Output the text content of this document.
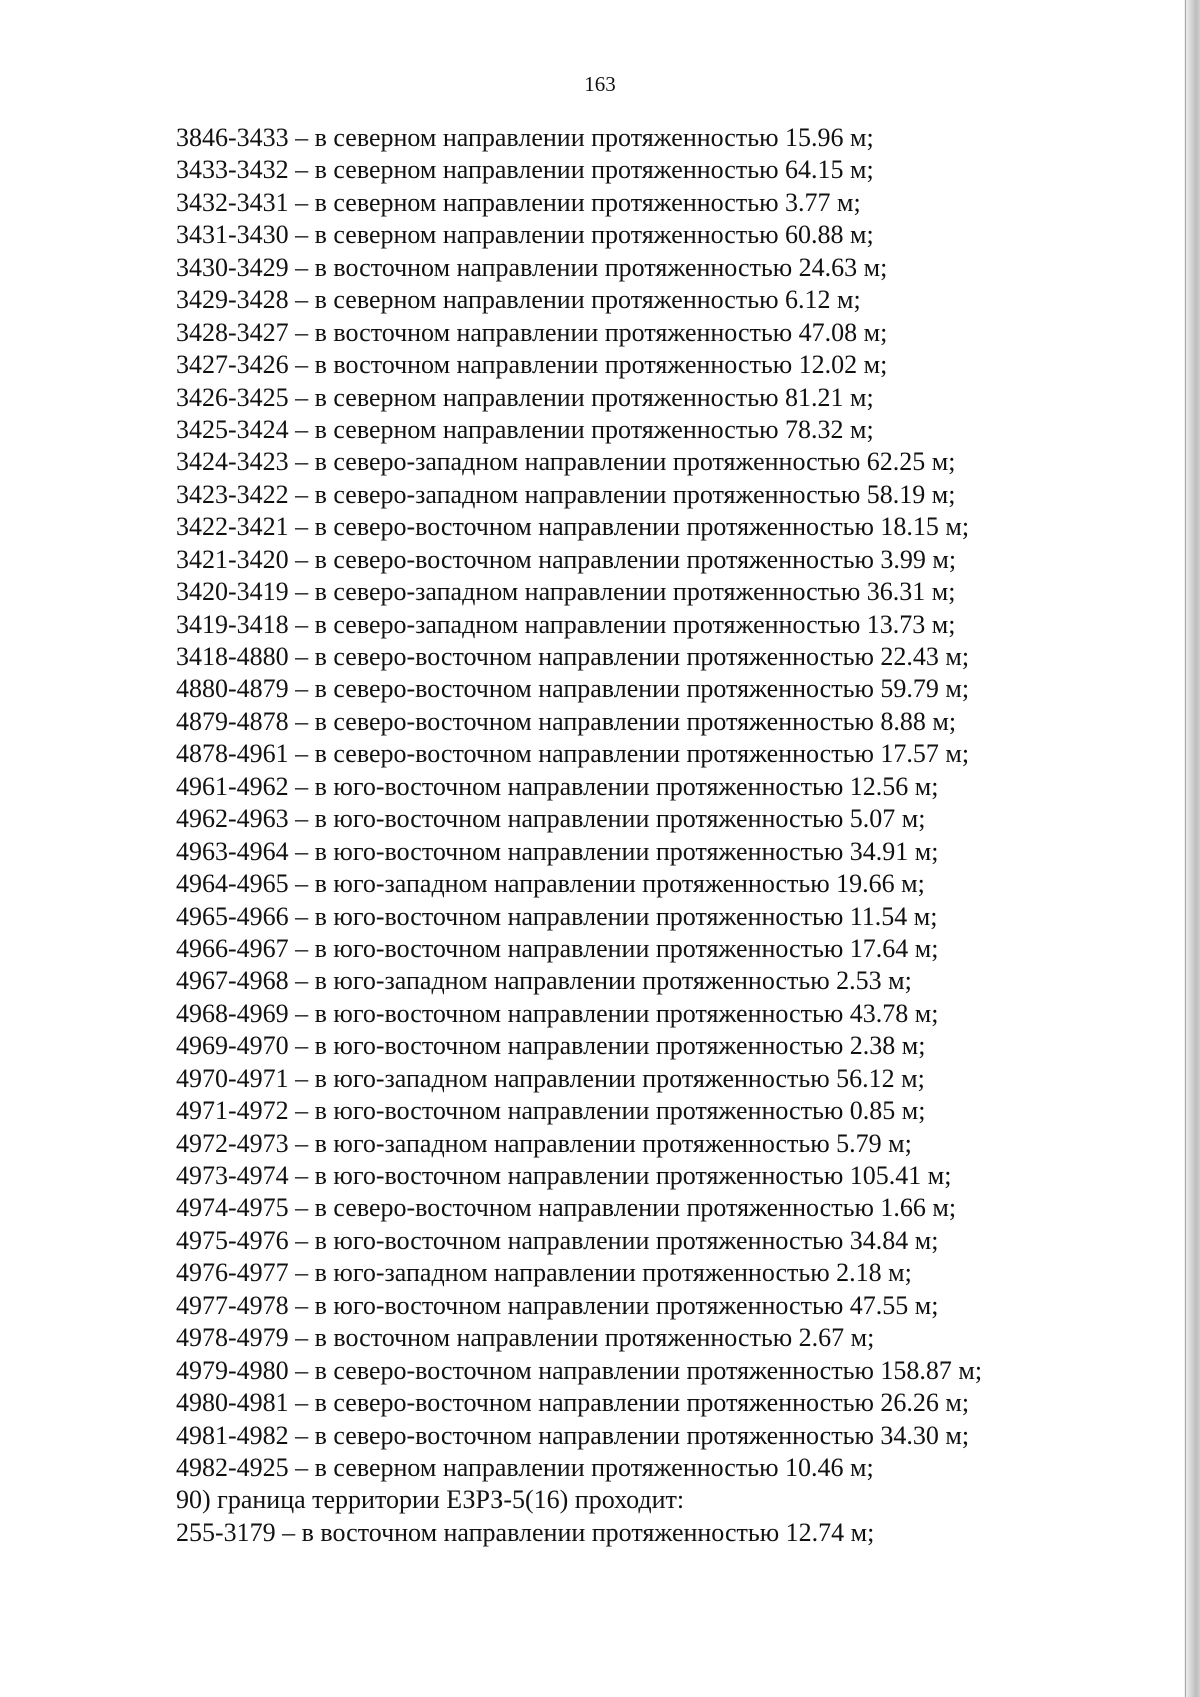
163
3846-3433 – в северном направлении протяженностью 15.96 м;
3433-3432 – в северном направлении протяженностью 64.15 м;
3432-3431 – в северном направлении протяженностью 3.77 м;
3431-3430 – в северном направлении протяженностью 60.88 м;
3430-3429 – в восточном направлении протяженностью 24.63 м;
3429-3428 – в северном направлении протяженностью 6.12 м;
3428-3427 – в восточном направлении протяженностью 47.08 м;
3427-3426 – в восточном направлении протяженностью 12.02 м;
3426-3425 – в северном направлении протяженностью 81.21 м;
3425-3424 – в северном направлении протяженностью 78.32 м;
3424-3423 – в северо-западном направлении протяженностью 62.25 м;
3423-3422 – в северо-западном направлении протяженностью 58.19 м;
3422-3421 – в северо-восточном направлении протяженностью 18.15 м;
3421-3420 – в северо-восточном направлении протяженностью 3.99 м;
3420-3419 – в северо-западном направлении протяженностью 36.31 м;
3419-3418 – в северо-западном направлении протяженностью 13.73 м;
3418-4880 – в северо-восточном направлении протяженностью 22.43 м;
4880-4879 – в северо-восточном направлении протяженностью 59.79 м;
4879-4878 – в северо-восточном направлении протяженностью 8.88 м;
4878-4961 – в северо-восточном направлении протяженностью 17.57 м;
4961-4962 – в юго-восточном направлении протяженностью 12.56 м;
4962-4963 – в юго-восточном направлении протяженностью 5.07 м;
4963-4964 – в юго-восточном направлении протяженностью 34.91 м;
4964-4965 – в юго-западном направлении протяженностью 19.66 м;
4965-4966 – в юго-восточном направлении протяженностью 11.54 м;
4966-4967 – в юго-восточном направлении протяженностью 17.64 м;
4967-4968 – в юго-западном направлении протяженностью 2.53 м;
4968-4969 – в юго-восточном направлении протяженностью 43.78 м;
4969-4970 – в юго-восточном направлении протяженностью 2.38 м;
4970-4971 – в юго-западном направлении протяженностью 56.12 м;
4971-4972 – в юго-восточном направлении протяженностью 0.85 м;
4972-4973 – в юго-западном направлении протяженностью 5.79 м;
4973-4974 – в юго-восточном направлении протяженностью 105.41 м;
4974-4975 – в северо-восточном направлении протяженностью 1.66 м;
4975-4976 – в юго-восточном направлении протяженностью 34.84 м;
4976-4977 – в юго-западном направлении протяженностью 2.18 м;
4977-4978 – в юго-восточном направлении протяженностью 47.55 м;
4978-4979 – в восточном направлении протяженностью 2.67 м;
4979-4980 – в северо-восточном направлении протяженностью 158.87 м;
4980-4981 – в северо-восточном направлении протяженностью 26.26 м;
4981-4982 – в северо-восточном направлении протяженностью 34.30 м;
4982-4925 – в северном направлении протяженностью 10.46 м;
90) граница территории ЕЗРЗ-5(16) проходит:
255-3179 – в восточном направлении протяженностью 12.74 м;
